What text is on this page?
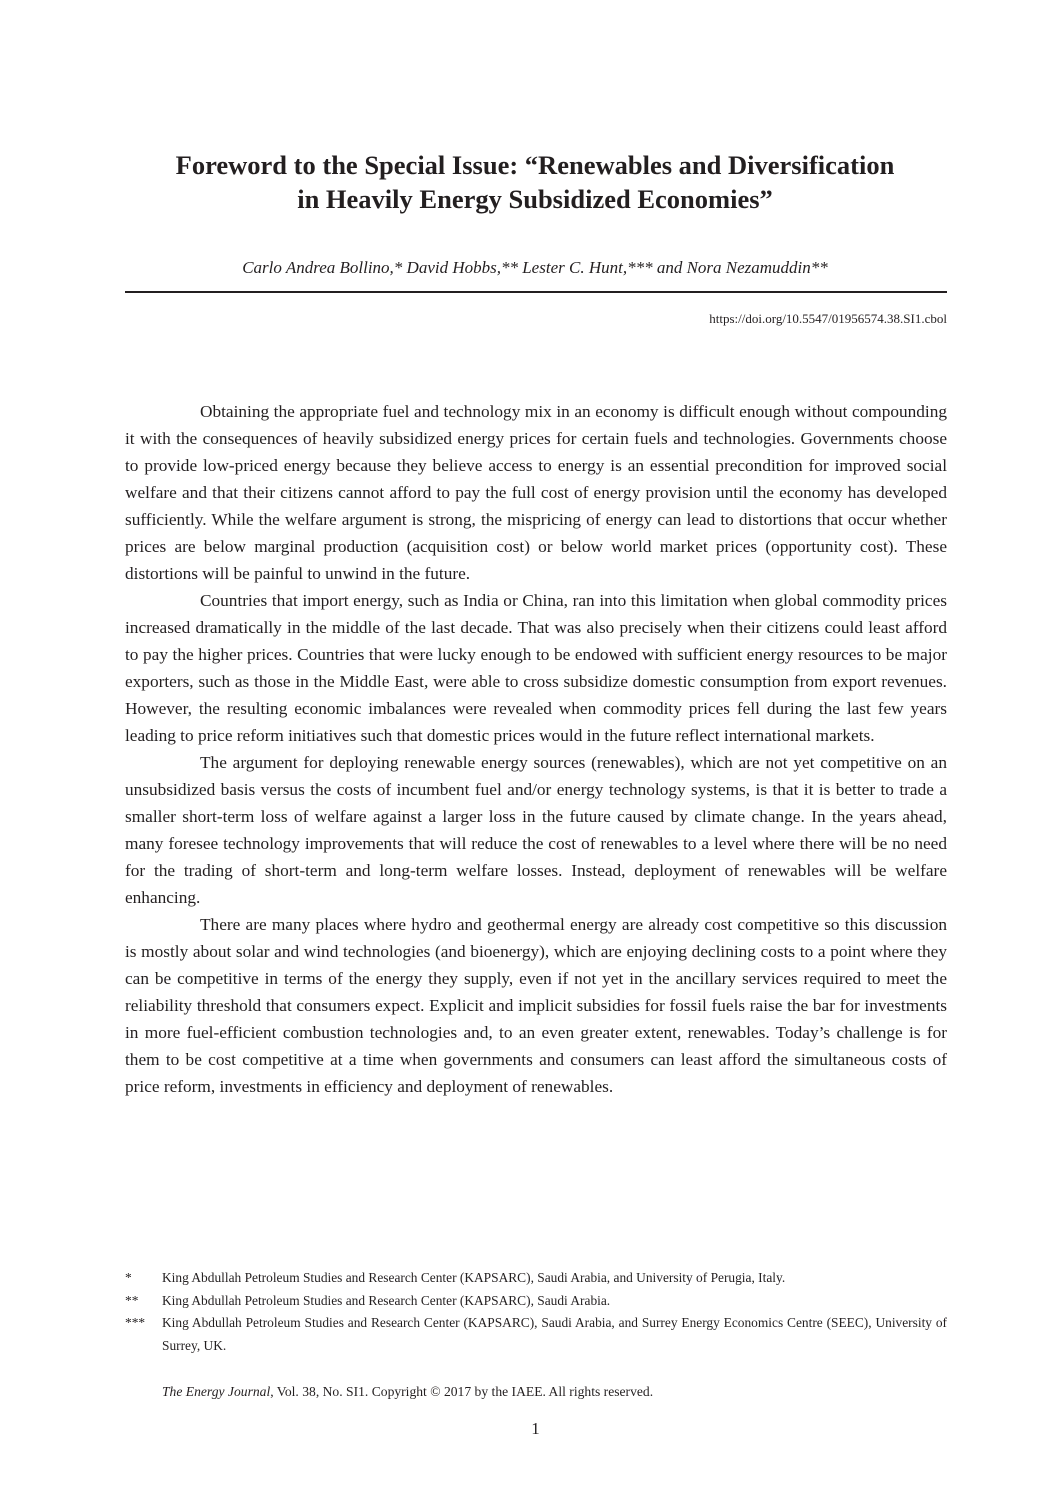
Foreword to the Special Issue: “Renewables and Diversification
in Heavily Energy Subsidized Economies”
Carlo Andrea Bollino,* David Hobbs,** Lester C. Hunt,*** and Nora Nezamuddin**
https://doi.org/10.5547/01956574.38.SI1.cbol

Obtaining the appropriate fuel and technology mix in an economy is difficult enough without compounding it with the consequences of heavily subsidized energy prices for certain fuels and technologies. Governments choose to provide low-priced energy because they believe access to energy is an essential precondition for improved social welfare and that their citizens cannot afford to pay the full cost of energy provision until the economy has developed sufficiently. While the welfare argument is strong, the mispricing of energy can lead to distortions that occur whether prices are below marginal production (acquisition cost) or below world market prices (opportunity cost). These distortions will be painful to unwind in the future.

Countries that import energy, such as India or China, ran into this limitation when global commodity prices increased dramatically in the middle of the last decade. That was also precisely when their citizens could least afford to pay the higher prices. Countries that were lucky enough to be endowed with sufficient energy resources to be major exporters, such as those in the Middle East, were able to cross subsidize domestic consumption from export revenues. However, the resulting economic imbalances were revealed when commodity prices fell during the last few years leading to price reform initiatives such that domestic prices would in the future reflect international markets.

The argument for deploying renewable energy sources (renewables), which are not yet competitive on an unsubsidized basis versus the costs of incumbent fuel and/or energy technology systems, is that it is better to trade a smaller short-term loss of welfare against a larger loss in the future caused by climate change. In the years ahead, many foresee technology improvements that will reduce the cost of renewables to a level where there will be no need for the trading of short-term and long-term welfare losses. Instead, deployment of renewables will be welfare enhancing.

There are many places where hydro and geothermal energy are already cost competitive so this discussion is mostly about solar and wind technologies (and bioenergy), which are enjoying declining costs to a point where they can be competitive in terms of the energy they supply, even if not yet in the ancillary services required to meet the reliability threshold that consumers expect. Explicit and implicit subsidies for fossil fuels raise the bar for investments in more fuel-efficient combustion technologies and, to an even greater extent, renewables. Today’s challenge is for them to be cost competitive at a time when governments and consumers can least afford the simultaneous costs of price reform, investments in efficiency and deployment of renewables.

*	King Abdullah Petroleum Studies and Research Center (KAPSARC), Saudi Arabia, and University of Perugia, Italy.
**	King Abdullah Petroleum Studies and Research Center (KAPSARC), Saudi Arabia.
***	King Abdullah Petroleum Studies and Research Center (KAPSARC), Saudi Arabia, and Surrey Energy Economics Centre (SEEC), University of Surrey, UK.
The Energy Journal, Vol. 38, No. SI1. Copyright © 2017 by the IAEE. All rights reserved.
1
